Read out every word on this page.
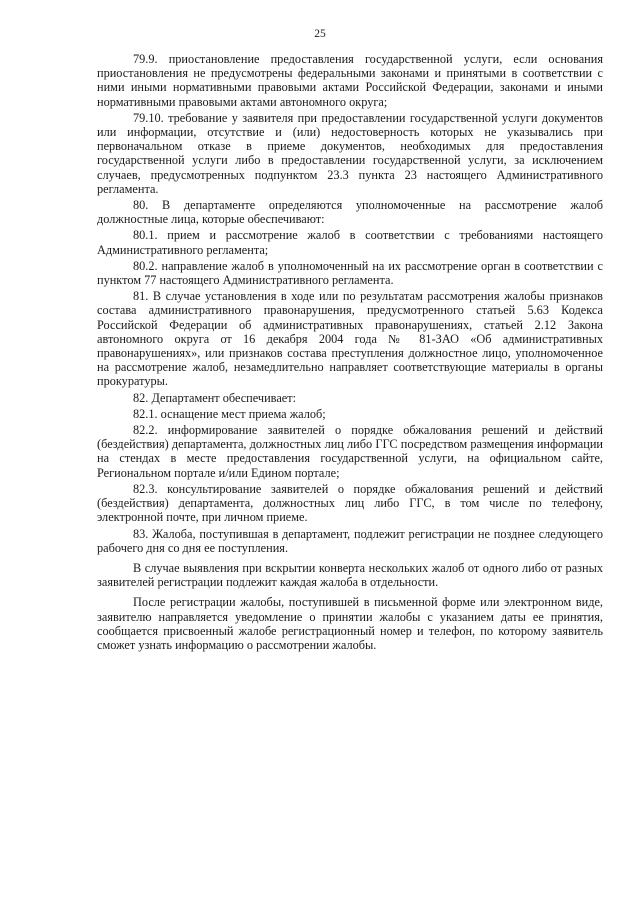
25

79.9. приостановление предоставления государственной услуги, если основания приостановления не предусмотрены федеральными законами и принятыми в соответствии с ними иными нормативными правовыми актами Российской Федерации, законами и иными нормативными правовыми актами автономного округа;

79.10. требование у заявителя при предоставлении государственной услуги документов или информации, отсутствие и (или) недостоверность которых не указывались при первоначальном отказе в приеме документов, необходимых для предоставления государственной услуги либо в предоставлении государственной услуги, за исключением случаев, предусмотренных подпунктом 23.3 пункта 23 настоящего Административного регламента.

80. В департаменте определяются уполномоченные на рассмотрение жалоб должностные лица, которые обеспечивают:

80.1. прием и рассмотрение жалоб в соответствии с требованиями настоящего Административного регламента;

80.2. направление жалоб в уполномоченный на их рассмотрение орган в соответствии с пунктом 77 настоящего Административного регламента.

81. В случае установления в ходе или по результатам рассмотрения жалобы признаков состава административного правонарушения, предусмотренного статьей 5.63 Кодекса Российской Федерации об административных правонарушениях, статьей 2.12 Закона автономного округа от 16 декабря 2004 года № 81-ЗАО «Об административных правонарушениях», или признаков состава преступления должностное лицо, уполномоченное на рассмотрение жалоб, незамедлительно направляет соответствующие материалы в органы прокуратуры.

82. Департамент обеспечивает:

82.1. оснащение мест приема жалоб;

82.2. информирование заявителей о порядке обжалования решений и действий (бездействия) департамента, должностных лиц либо ГГС посредством размещения информации на стендах в месте предоставления государственной услуги, на официальном сайте, Региональном портале и/или Едином портале;

82.3. консультирование заявителей о порядке обжалования решений и действий (бездействия) департамента, должностных лиц либо ГГС, в том числе по телефону, электронной почте, при личном приеме.

83. Жалоба, поступившая в департамент, подлежит регистрации не позднее следующего рабочего дня со дня ее поступления.

В случае выявления при вскрытии конверта нескольких жалоб от одного либо от разных заявителей регистрации подлежит каждая жалоба в отдельности.

После регистрации жалобы, поступившей в письменной форме или электронном виде, заявителю направляется уведомление о принятии жалобы с указанием даты ее принятия, сообщается присвоенный жалобе регистрационный номер и телефон, по которому заявитель сможет узнать информацию о рассмотрении жалобы.
